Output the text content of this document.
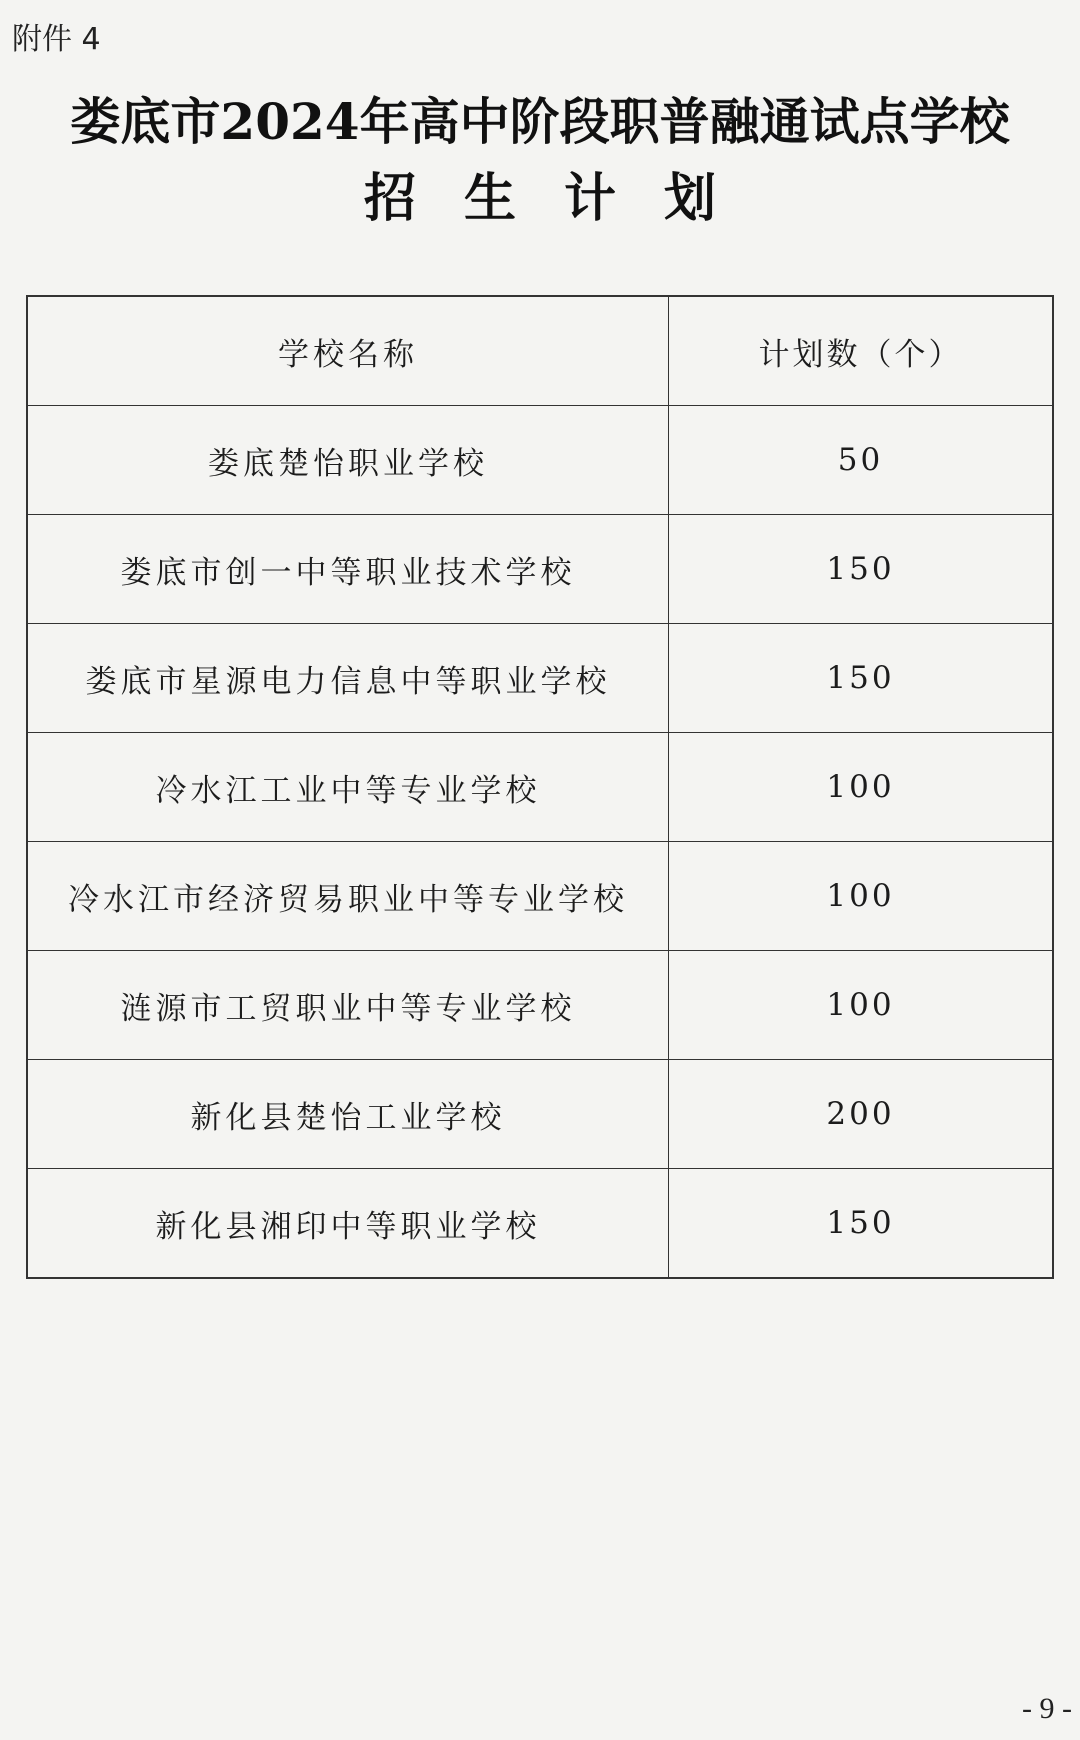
附件 4
娄底市2024年高中阶段职普融通试点学校
招生计划
学校名称	计划数（个）
娄底楚怡职业学校	50
娄底市创一中等职业技术学校	150
娄底市星源电力信息中等职业学校	150
冷水江工业中等专业学校	100
冷水江市经济贸易职业中等专业学校	100
涟源市工贸职业中等专业学校	100
新化县楚怡工业学校	200
新化县湘印中等职业学校	150
- 9 -
